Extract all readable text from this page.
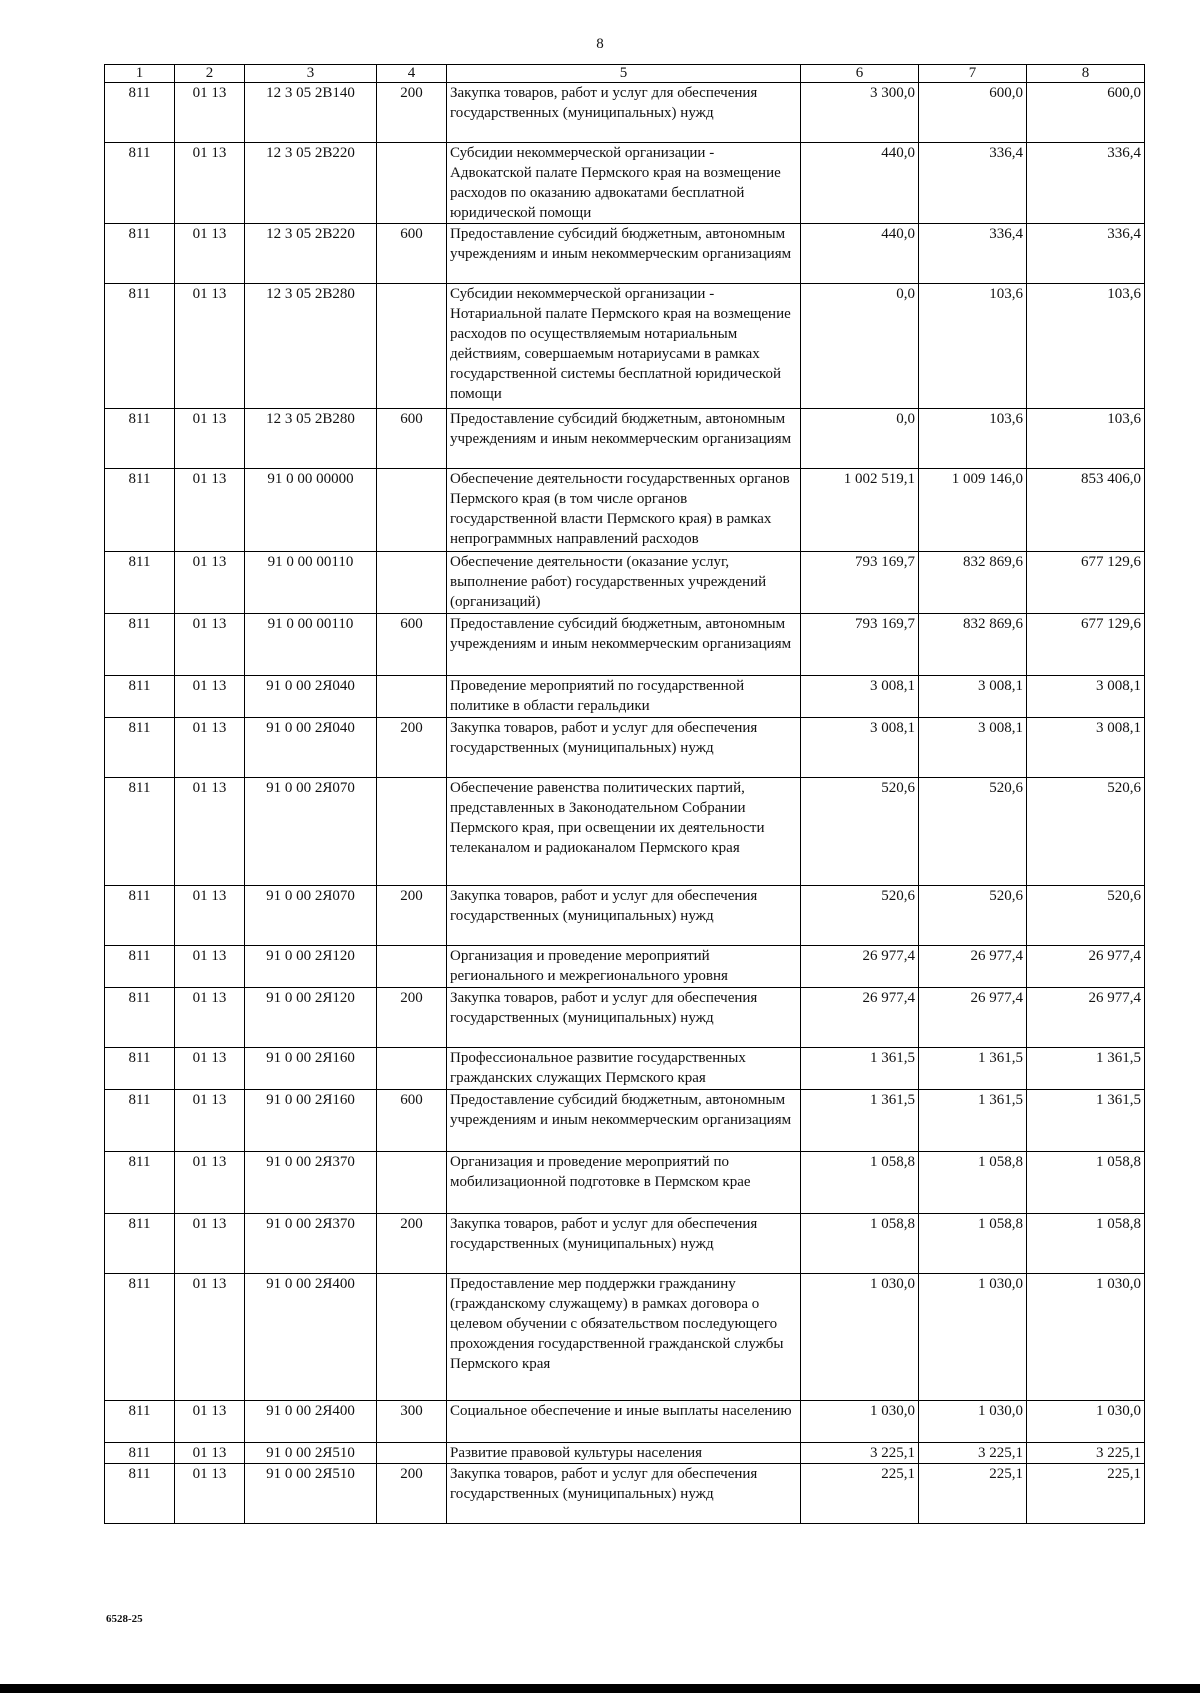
8
1	2	3	4	5	6	7	8
811	01 13	12 3 05 2В140	200	Закупка товаров, работ и услуг для обеспечения государственных (муниципальных) нужд	3 300,0	600,0	600,0
811	01 13	12 3 05 2В220		Субсидии некоммерческой организации - Адвокатской палате Пермского края на возмещение расходов по оказанию адвокатами бесплатной юридической помощи	440,0	336,4	336,4
811	01 13	12 3 05 2В220	600	Предоставление субсидий бюджетным, автономным учреждениям и иным некоммерческим организациям	440,0	336,4	336,4
811	01 13	12 3 05 2В280		Субсидии некоммерческой организации - Нотариальной палате Пермского края на возмещение расходов по осуществляемым нотариальным действиям, совершаемым нотариусами в рамках государственной системы бесплатной юридической помощи	0,0	103,6	103,6
811	01 13	12 3 05 2В280	600	Предоставление субсидий бюджетным, автономным учреждениям и иным некоммерческим организациям	0,0	103,6	103,6
811	01 13	91 0 00 00000		Обеспечение деятельности государственных органов Пермского края (в том числе органов государственной власти Пермского края) в рамках непрограммных направлений расходов	1 002 519,1	1 009 146,0	853 406,0
811	01 13	91 0 00 00110		Обеспечение деятельности (оказание услуг, выполнение работ) государственных учреждений (организаций)	793 169,7	832 869,6	677 129,6
811	01 13	91 0 00 00110	600	Предоставление субсидий бюджетным, автономным учреждениям и иным некоммерческим организациям	793 169,7	832 869,6	677 129,6
811	01 13	91 0 00 2Я040		Проведение мероприятий по государственной политике в области геральдики	3 008,1	3 008,1	3 008,1
811	01 13	91 0 00 2Я040	200	Закупка товаров, работ и услуг для обеспечения государственных (муниципальных) нужд	3 008,1	3 008,1	3 008,1
811	01 13	91 0 00 2Я070		Обеспечение равенства политических партий, представленных в Законодательном Собрании Пермского края, при освещении их деятельности телеканалом и радиоканалом Пермского края	520,6	520,6	520,6
811	01 13	91 0 00 2Я070	200	Закупка товаров, работ и услуг для обеспечения государственных (муниципальных) нужд	520,6	520,6	520,6
811	01 13	91 0 00 2Я120		Организация и проведение мероприятий регионального и межрегионального уровня	26 977,4	26 977,4	26 977,4
811	01 13	91 0 00 2Я120	200	Закупка товаров, работ и услуг для обеспечения государственных (муниципальных) нужд	26 977,4	26 977,4	26 977,4
811	01 13	91 0 00 2Я160		Профессиональное развитие государственных гражданских служащих Пермского края	1 361,5	1 361,5	1 361,5
811	01 13	91 0 00 2Я160	600	Предоставление субсидий бюджетным, автономным учреждениям и иным некоммерческим организациям	1 361,5	1 361,5	1 361,5
811	01 13	91 0 00 2Я370		Организация и проведение мероприятий по мобилизационной подготовке в Пермском крае	1 058,8	1 058,8	1 058,8
811	01 13	91 0 00 2Я370	200	Закупка товаров, работ и услуг для обеспечения государственных (муниципальных) нужд	1 058,8	1 058,8	1 058,8
811	01 13	91 0 00 2Я400		Предоставление мер поддержки гражданину (гражданскому служащему) в рамках договора о целевом обучении с обязательством последующего прохождения государственной гражданской службы Пермского края	1 030,0	1 030,0	1 030,0
811	01 13	91 0 00 2Я400	300	Социальное обеспечение и иные выплаты населению	1 030,0	1 030,0	1 030,0
811	01 13	91 0 00 2Я510		Развитие правовой культуры населения	3 225,1	3 225,1	3 225,1
811	01 13	91 0 00 2Я510	200	Закупка товаров, работ и услуг для обеспечения государственных (муниципальных) нужд	225,1	225,1	225,1
6528-25
